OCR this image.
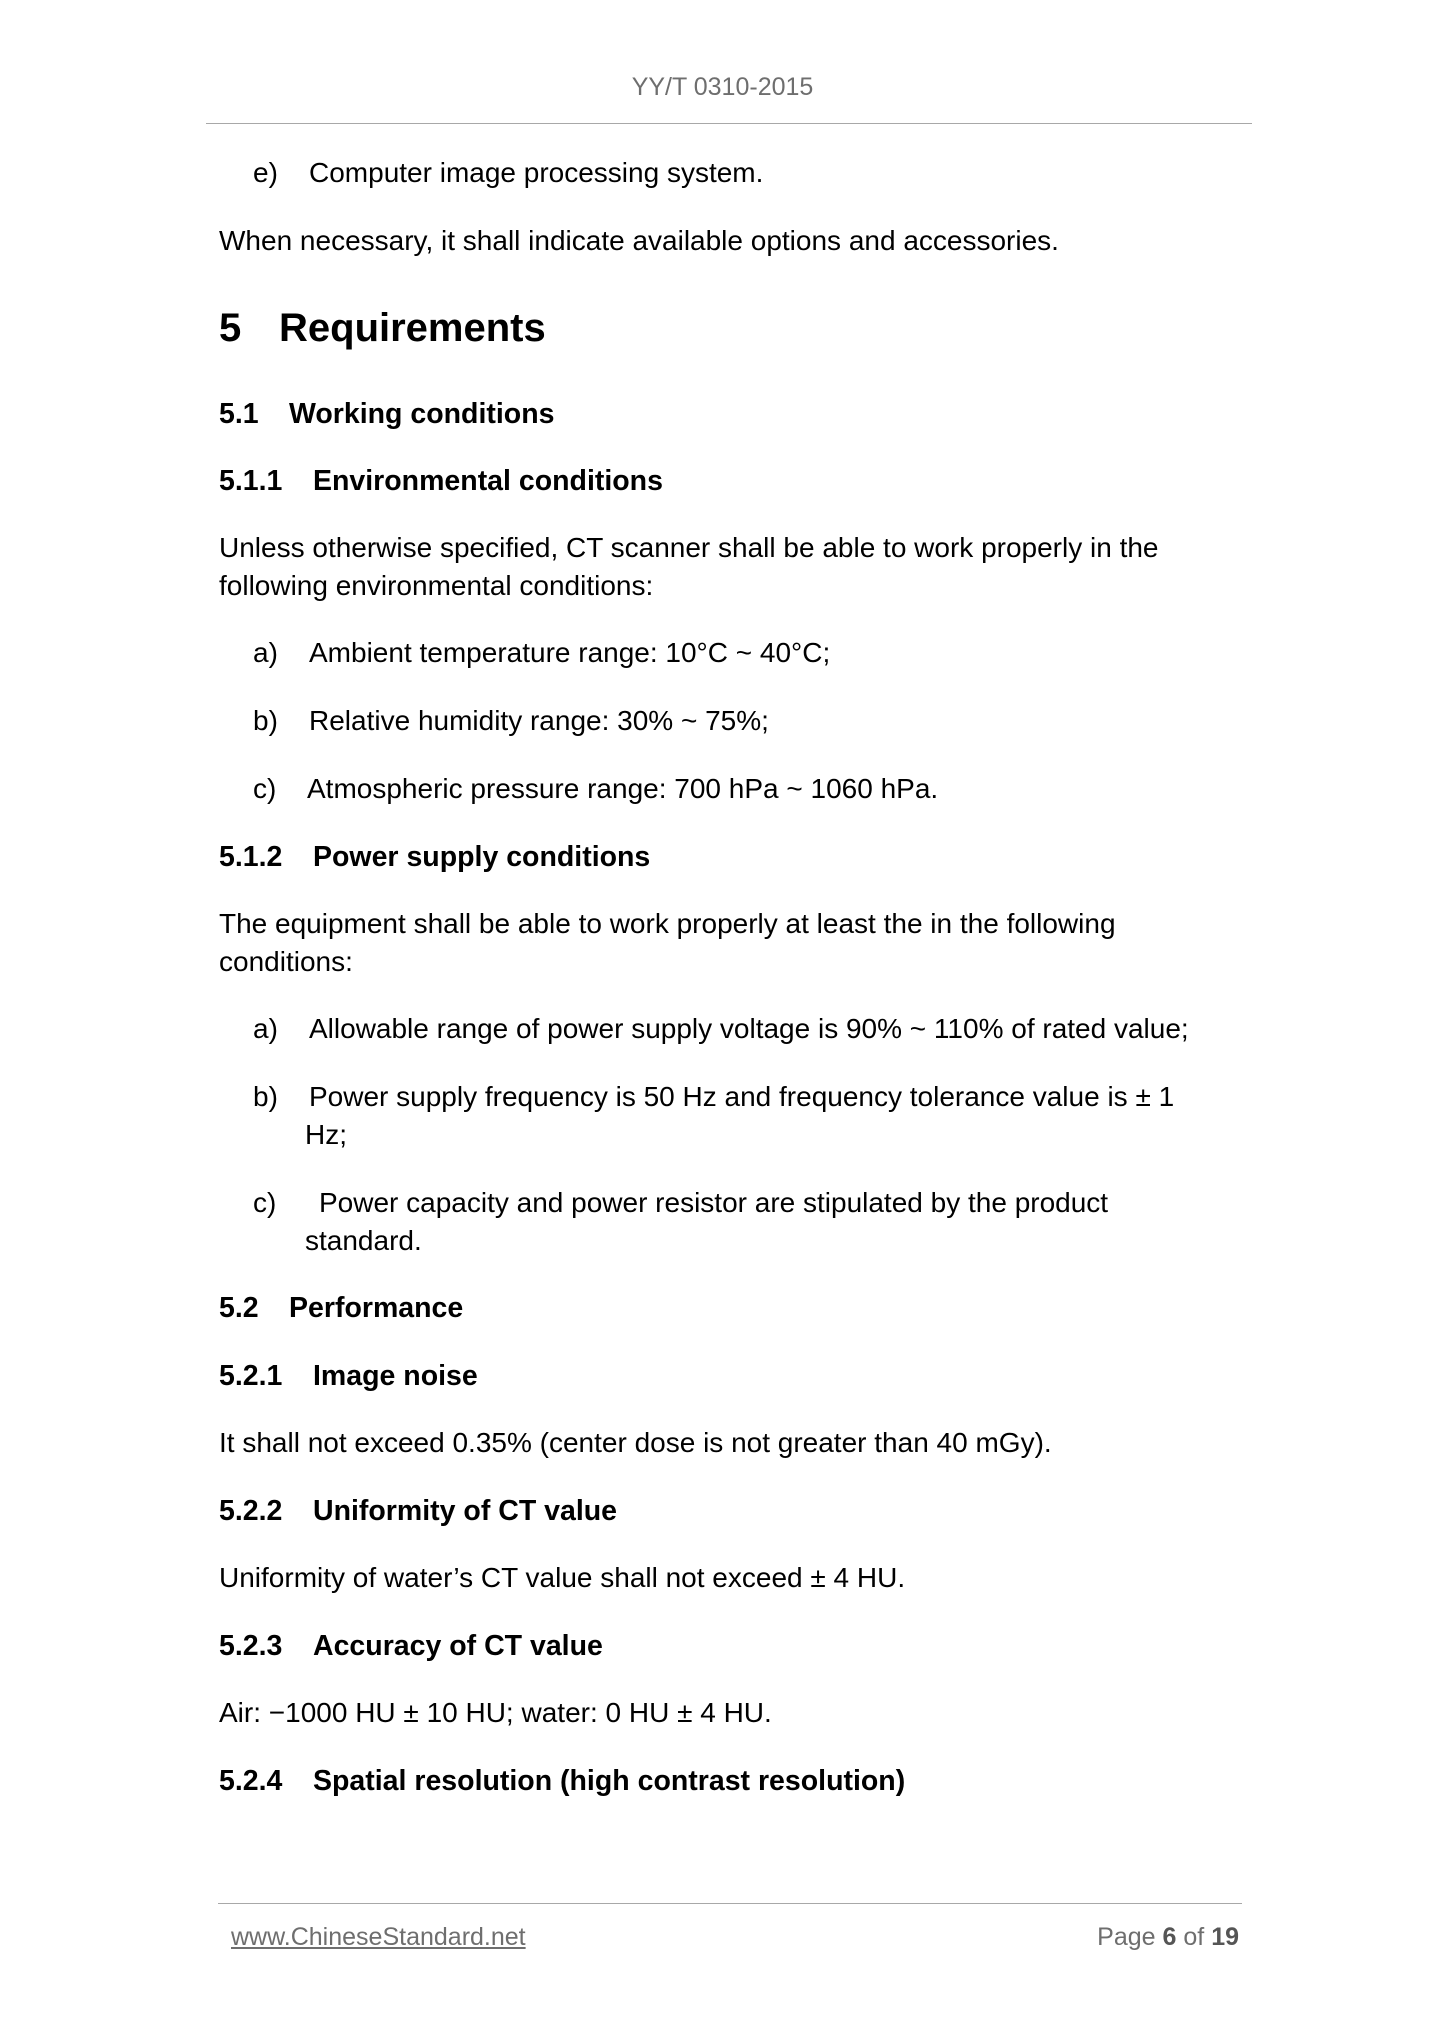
YY/T 0310-2015
e) Computer image processing system.
When necessary, it shall indicate available options and accessories.
5 Requirements
5.1 Working conditions
5.1.1 Environmental conditions
Unless otherwise specified, CT scanner shall be able to work properly in the
following environmental conditions:
a) Ambient temperature range: 10°C ~ 40°C;
b) Relative humidity range: 30% ~ 75%;
c) Atmospheric pressure range: 700 hPa ~ 1060 hPa.
5.1.2 Power supply conditions
The equipment shall be able to work properly at least the in the following
conditions:
a) Allowable range of power supply voltage is 90% ~ 110% of rated value;
b) Power supply frequency is 50 Hz and frequency tolerance value is ± 1
Hz;
c) Power capacity and power resistor are stipulated by the product
standard.
5.2 Performance
5.2.1 Image noise
It shall not exceed 0.35% (center dose is not greater than 40 mGy).
5.2.2 Uniformity of CT value
Uniformity of water’s CT value shall not exceed ± 4 HU.
5.2.3 Accuracy of CT value
Air: −1000 HU ± 10 HU; water: 0 HU ± 4 HU.
5.2.4 Spatial resolution (high contrast resolution)
www.ChineseStandard.net	Page 6 of 19
